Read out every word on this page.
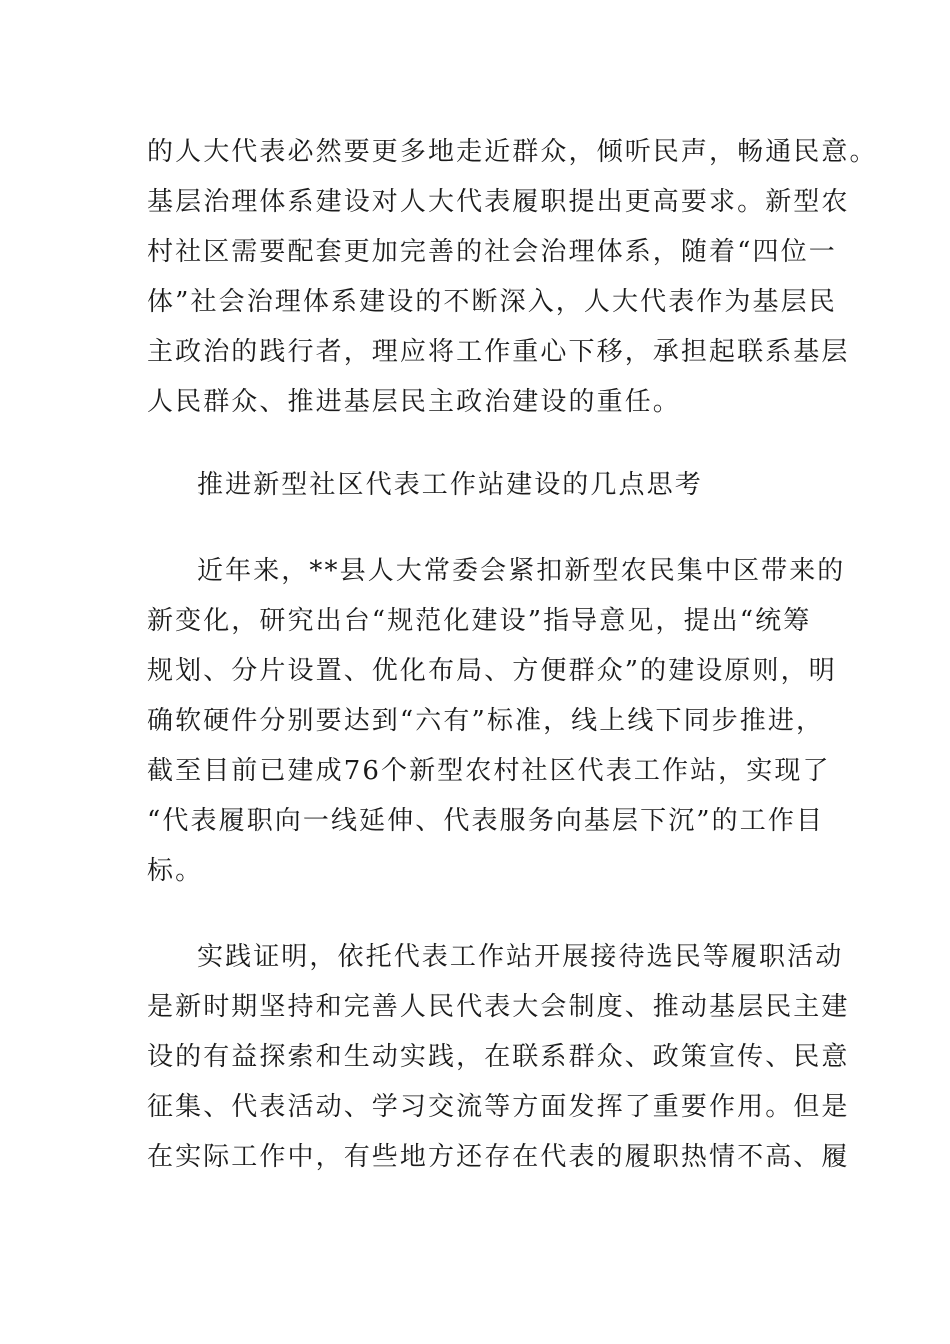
的人大代表必然要更多地走近群众，倾听民声，畅通民意。
基层治理体系建设对人大代表履职提出更高要求。新型农
村社区需要配套更加完善的社会治理体系，随着“四位一
体”社会治理体系建设的不断深入，人大代表作为基层民
主政治的践行者，理应将工作重心下移，承担起联系基层
人民群众、推进基层民主政治建设的重任。
推进新型社区代表工作站建设的几点思考
近年来，**县人大常委会紧扣新型农民集中区带来的
新变化，研究出台“规范化建设”指导意见，提出“统筹
规划、分片设置、优化布局、方便群众”的建设原则，明
确软硬件分别要达到“六有”标准，线上线下同步推进，
截至目前已建成76个新型农村社区代表工作站，实现了
“代表履职向一线延伸、代表服务向基层下沉”的工作目
标。
实践证明，依托代表工作站开展接待选民等履职活动
是新时期坚持和完善人民代表大会制度、推动基层民主建
设的有益探索和生动实践，在联系群众、政策宣传、民意
征集、代表活动、学习交流等方面发挥了重要作用。但是
在实际工作中，有些地方还存在代表的履职热情不高、履
